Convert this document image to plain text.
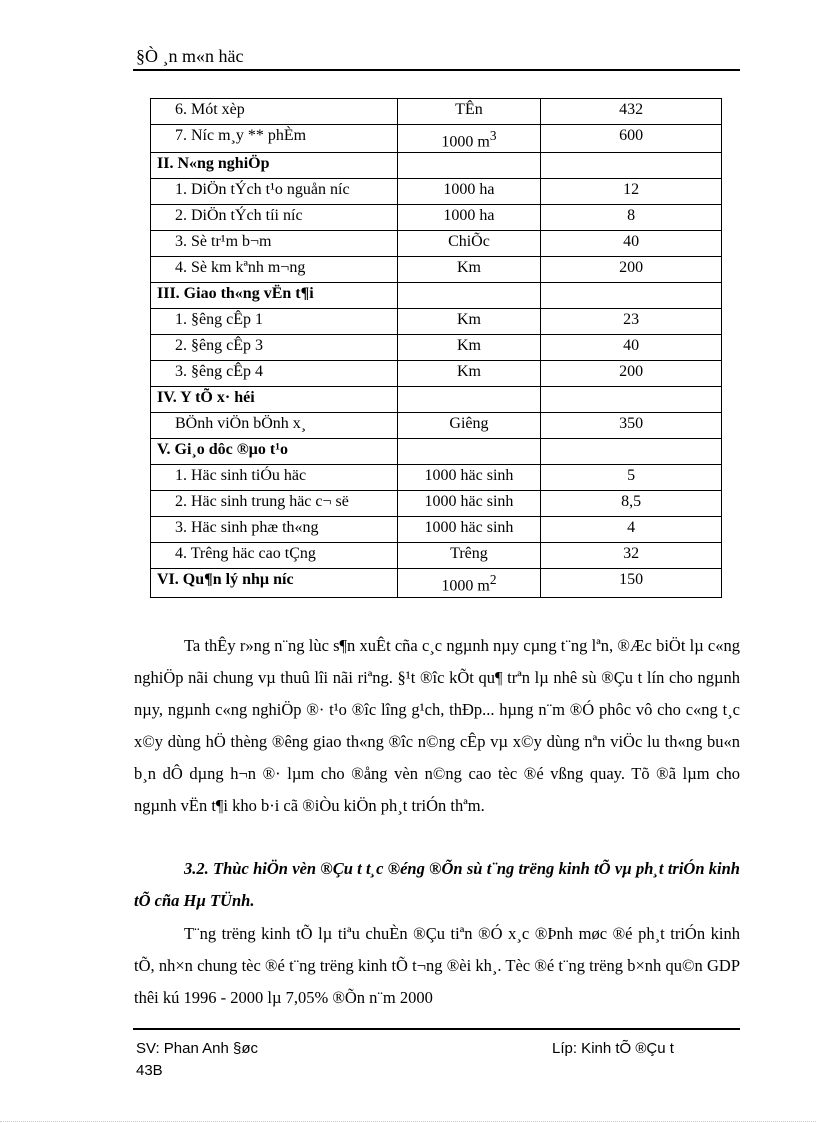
§Ò ¸n m«n häc
6. Mót xèp	TÊn	432
7. Níc m¸y ** phÈm	1000 $m^3$	600
II. N«ng nghiÖp		
1. DiÖn tÝch t¹o nguån níc	1000 ha	12
2. DiÖn tÝch tíi níc	1000 ha	8
3. Sè tr¹m b¬m	ChiÕc	40
4. Sè km kªnh m¬ng	Km	200
III. Giao th«ng vËn t¶i		
1. §êng cÊp 1	Km	23
2. §êng cÊp 3	Km	40
3. §êng cÊp 4	Km	200
IV. Y tÕ x· héi		
BÖnh viÖn bÖnh x¸	Giêng	350
V. Gi¸o dôc ®µo t¹o		
1. Häc sinh tiÓu häc	1000 häc sinh	5
2. Häc sinh trung häc c¬ së	1000 häc sinh	8,5
3. Häc sinh phæ th«ng	1000 häc sinh	4
4. Trêng häc cao tÇng	Trêng	32
VI. Qu¶n lý nhµ níc	1000 $m^2$	150

Ta thÊy r»ng n¨ng lùc s¶n xuÊt cña c¸c ngµnh nµy cµng t¨ng lªn, ®Æc biÖt lµ c«ng nghiÖp nãi chung vµ thuû lîi nãi riªng. §¹t ®îc kÕt qu¶ trªn lµ nhê sù ®Çu t lín cho ngµnh nµy, ngµnh c«ng nghiÖp ®· t¹o ®îc lîng g¹ch, thÐp... hµng n¨m ®Ó phôc vô cho c«ng t¸c x©y dùng hÖ thèng ®êng giao th«ng ®îc n©ng cÊp vµ x©y dùng nªn viÖc lu th«ng bu«n b¸n dÔ dµng h¬n ®· lµm cho ®ång vèn n©ng cao tèc ®é vßng quay. Tõ ®ã lµm cho ngµnh vËn t¶i kho b·i cã ®iÒu kiÖn ph¸t triÓn thªm.

3.2. Thùc hiÖn vèn ®Çu t t¸c ®éng ®Õn sù t¨ng trëng kinh tÕ vµ ph¸t triÓn kinh tÕ cña Hµ TÜnh.

T¨ng trëng kinh tÕ lµ tiªu chuÈn ®Çu tiªn ®Ó x¸c ®Þnh møc ®é ph¸t triÓn kinh tÕ, nh×n chung tèc ®é t¨ng trëng kinh tÕ t¬ng ®èi kh¸. Tèc ®é t¨ng trëng b×nh qu©n GDP thêi kú 1996 - 2000 lµ 7,05% ®Õn n¨m 2000

SV: Phan Anh §øc
43B
Líp: Kinh tÕ ®Çu t
